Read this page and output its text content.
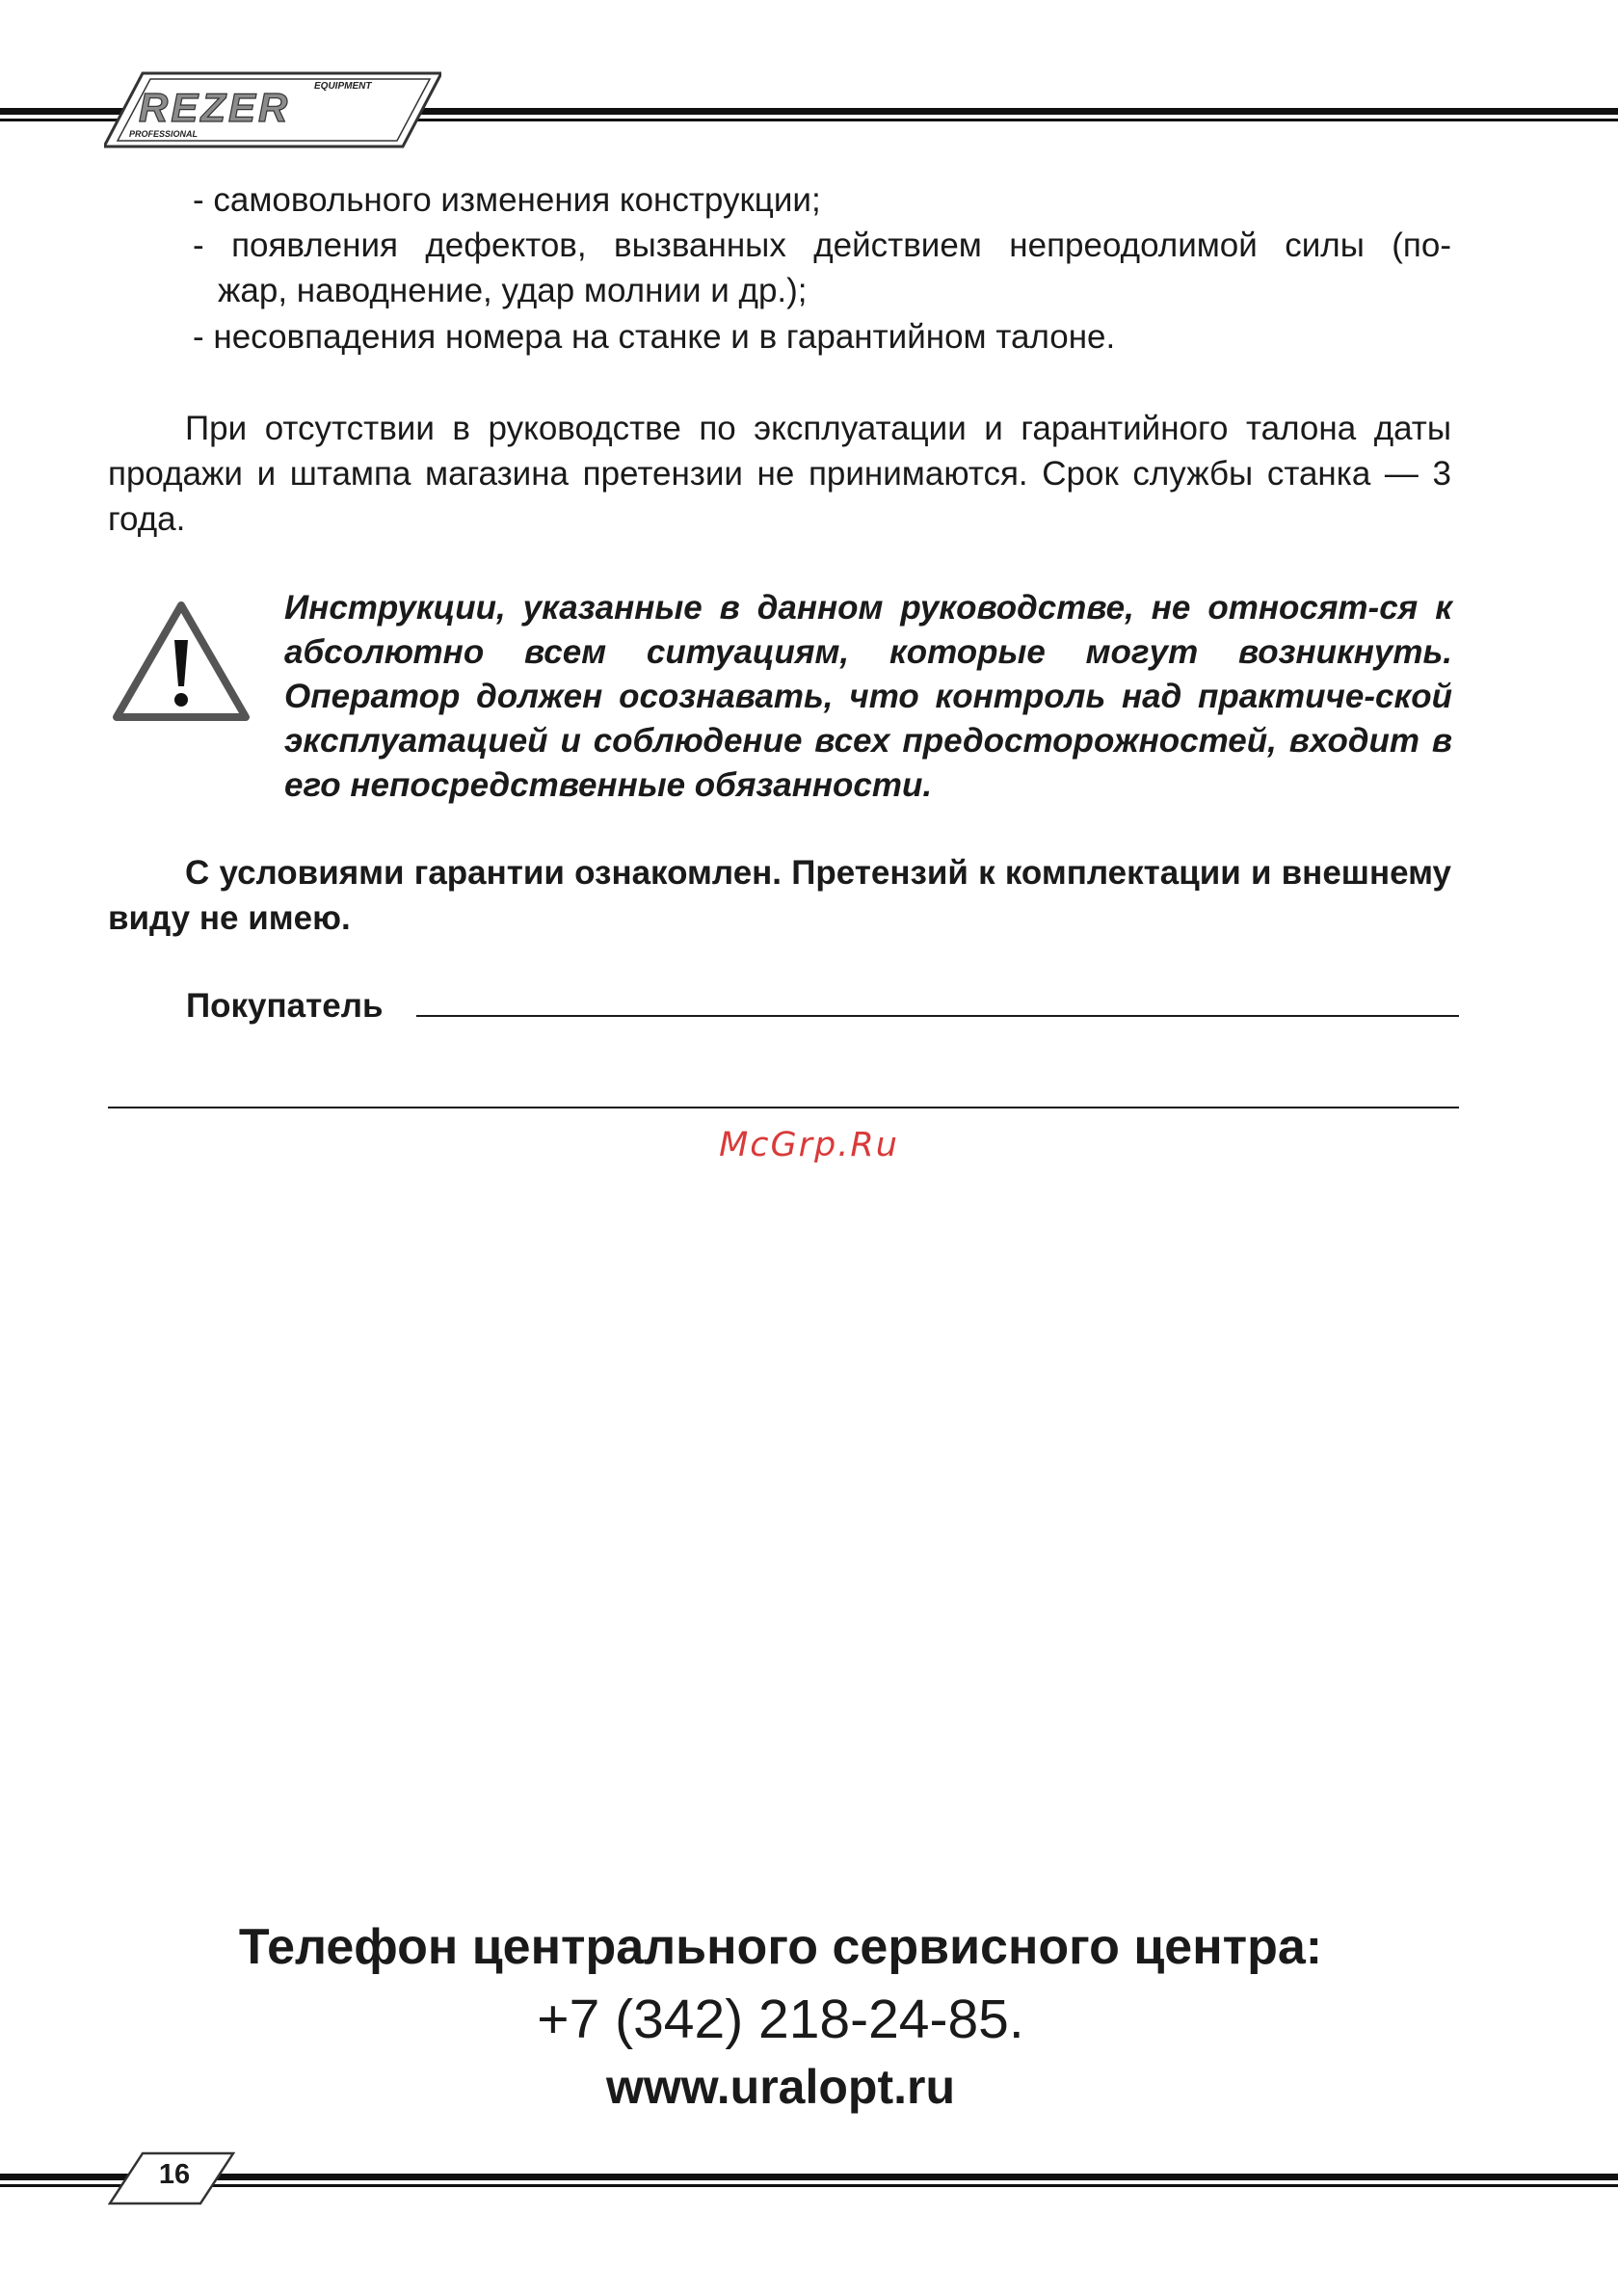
REZER EQUIPMENT
PROFESSIONAL
- самовольного изменения конструкции;
- появления дефектов, вызванных действием непреодолимой силы (по-
жар, наводнение, удар молнии и др.);
- несовпадения номера на станке и в гарантийном талоне.
При отсутствии в руководстве по эксплуатации и гарантийного талона даты продажи и штампа магазина претензии не принимаются. Срок службы станка — 3 года.
Инструкции, указанные в данном руководстве, не относят-ся к абсолютно всем ситуациям, которые могут возникнуть. Оператор должен осознавать, что контроль над практиче-ской эксплуатацией и соблюдение всех предосторожностей, входит в его непосредственные обязанности.
С условиями гарантии ознакомлен. Претензий к комплектации и внешнему виду не имею.
Покупатель
McGrp.Ru
Телефон центрального сервисного центра:
+7 (342) 218-24-85.
www.uralopt.ru
16
